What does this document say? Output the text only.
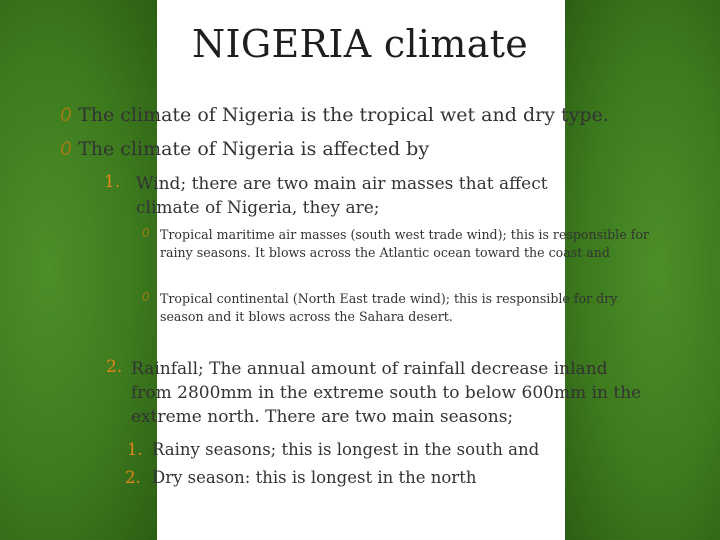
NIGERIA climate
0 The climate of Nigeria is the tropical wet and dry type.
0 The climate of Nigeria is affected by
1. Wind; there are two main air masses that affect climate of Nigeria, they are;
0 Tropical maritime air masses (south west trade wind); this is responsible for rainy seasons. It blows across the Atlantic ocean toward the coast and
0 Tropical continental (North East trade wind); this is responsible for dry season and it blows across the Sahara desert.
2. Rainfall; The annual amount of rainfall decrease inland from 2800mm in the extreme south to below 600mm in the extreme north. There are two main seasons;
1. Rainy seasons; this is longest in the south and
2. Dry season: this is longest in the north
